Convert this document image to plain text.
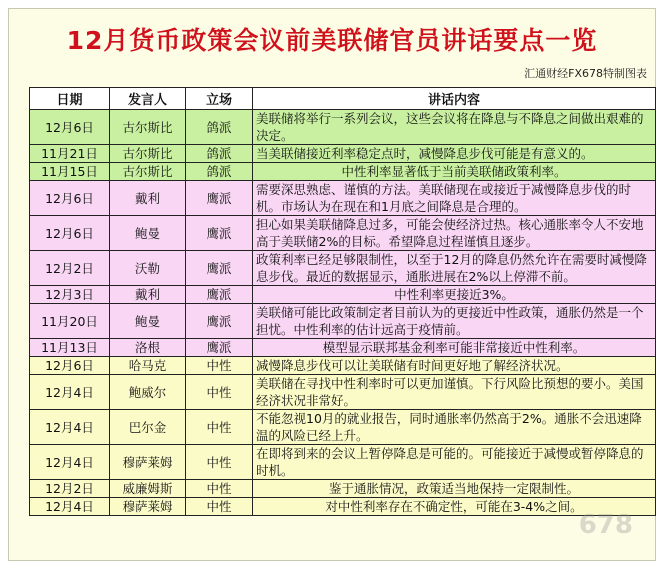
12月货币政策会议前美联储官员讲话要点一览
汇通财经FX678特制图表
日期	发言人	立场	讲话内容
12月6日	古尔斯比	鸽派	美联储将举行一系列会议，这些会议将在降息与不降息之间做出艰难的决定。
11月21日	古尔斯比	鸽派	当美联储接近利率稳定点时，减慢降息步伐可能是有意义的。
11月15日	古尔斯比	鸽派	中性利率显著低于当前美联储政策利率。
12月6日	戴利	鹰派	需要深思熟虑、谨慎的方法。美联储现在或接近于减慢降息步伐的时机。市场认为在现在和1月底之间降息是合理的。
12月6日	鲍曼	鹰派	担心如果美联储降息过多，可能会使经济过热。核心通胀率令人不安地高于美联储2%的目标。希望降息过程谨慎且逐步。
12月2日	沃勒	鹰派	政策利率已经足够限制性，以至于12月的降息仍然允许在需要时减慢降息步伐。最近的数据显示，通胀进展在2%以上停滞不前。
12月3日	戴利	鹰派	中性利率更接近3%。
11月20日	鲍曼	鹰派	美联储可能比政策制定者目前认为的更接近中性政策，通胀仍然是一个担忧。中性利率的估计远高于疫情前。
11月13日	洛根	鹰派	模型显示联邦基金利率可能非常接近中性利率。
12月6日	哈马克	中性	减慢降息步伐可以让美联储有时间更好地了解经济状况。
12月4日	鲍威尔	中性	美联储在寻找中性利率时可以更加谨慎。下行风险比预想的要小。美国经济状况非常好。
12月4日	巴尔金	中性	不能忽视10月的就业报告，同时通胀率仍然高于2%。通胀不会迅速降温的风险已经上升。
12月4日	穆萨莱姆	中性	在即将到来的会议上暂停降息是可能的。可能接近于减慢或暂停降息的时机。
12月2日	威廉姆斯	中性	鉴于通胀情况，政策适当地保持一定限制性。
12月4日	穆萨莱姆	中性	对中性利率存在不确定性，可能在3-4%之间。
678
